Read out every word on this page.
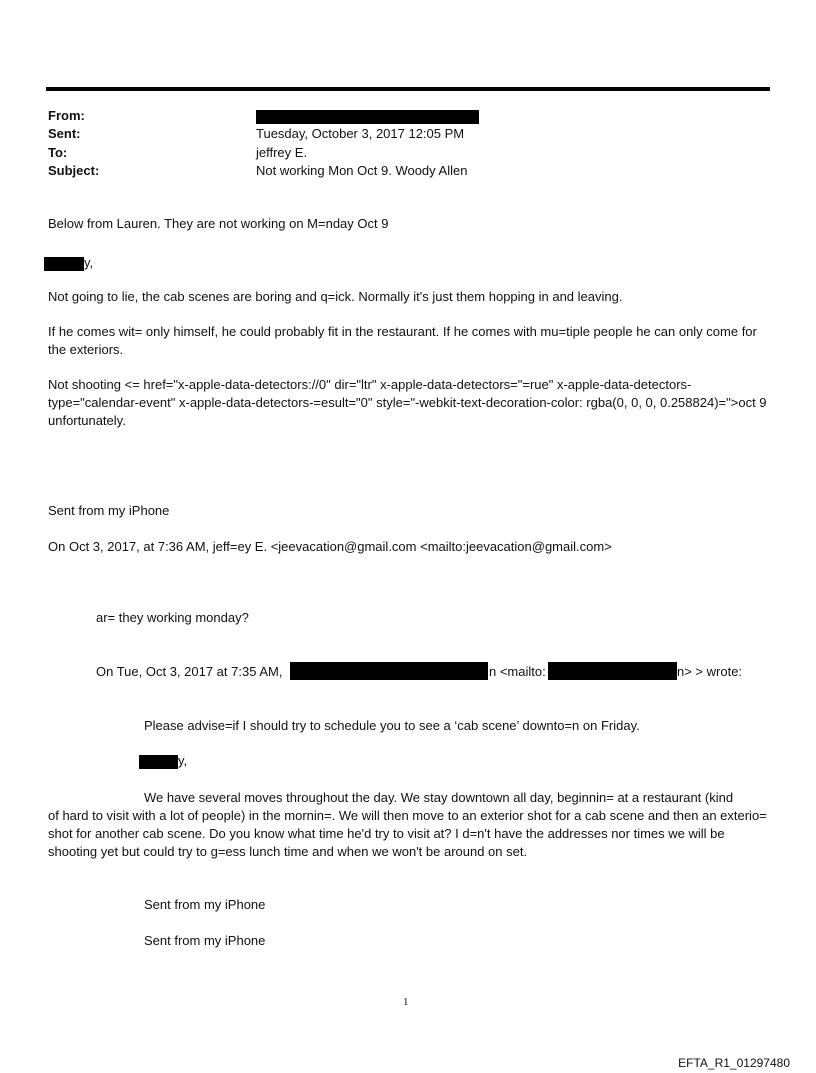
From:
Sent:	Tuesday, October 3, 2017 12:05 PM
To:	jeffrey E.
Subject:	Not working Mon Oct 9. Woody Allen
Below from Lauren. They are not working on M=nday Oct 9
y,
Not going to lie, the cab scenes are boring and q=ick. Normally it's just them hopping in and leaving.
If he comes wit= only himself, he could probably fit in the restaurant. If he comes with mu=tiple people he can only come for the exteriors.
Not shooting <= href="x-apple-data-detectors://0" dir="ltr" x-apple-data-detectors="=rue" x-apple-data-detectors-type="calendar-event" x-apple-data-detectors-=esult="0" style="-webkit-text-decoration-color: rgba(0, 0, 0, 0.258824)=">oct 9 unfortunately.
Sent from my iPhone
On Oct 3, 2017, at 7:36 AM, jeff=ey E. <jeevacation@gmail.com <mailto:jeevacation@gmail.com>
ar= they working monday?
On Tue, Oct 3, 2017 at 7:35 AM,	n <mailto:	n> > wrote:
Please advise=if I should try to schedule you to see a ‘cab scene’ downto=n on Friday.
y,
We have several moves throughout the day. We stay downtown all day, beginnin= at a restaurant (kind
of hard to visit with a lot of people) in the mornin=. We will then move to an exterior shot for a cab scene and then an exterio= shot for another cab scene. Do you know what time he'd try to visit at? I d=n't have the addresses nor times we will be shooting yet but could try to g=ess lunch time and when we won't be around on set.
Sent from my iPhone
Sent from my iPhone
1
EFTA_R1_01297480
